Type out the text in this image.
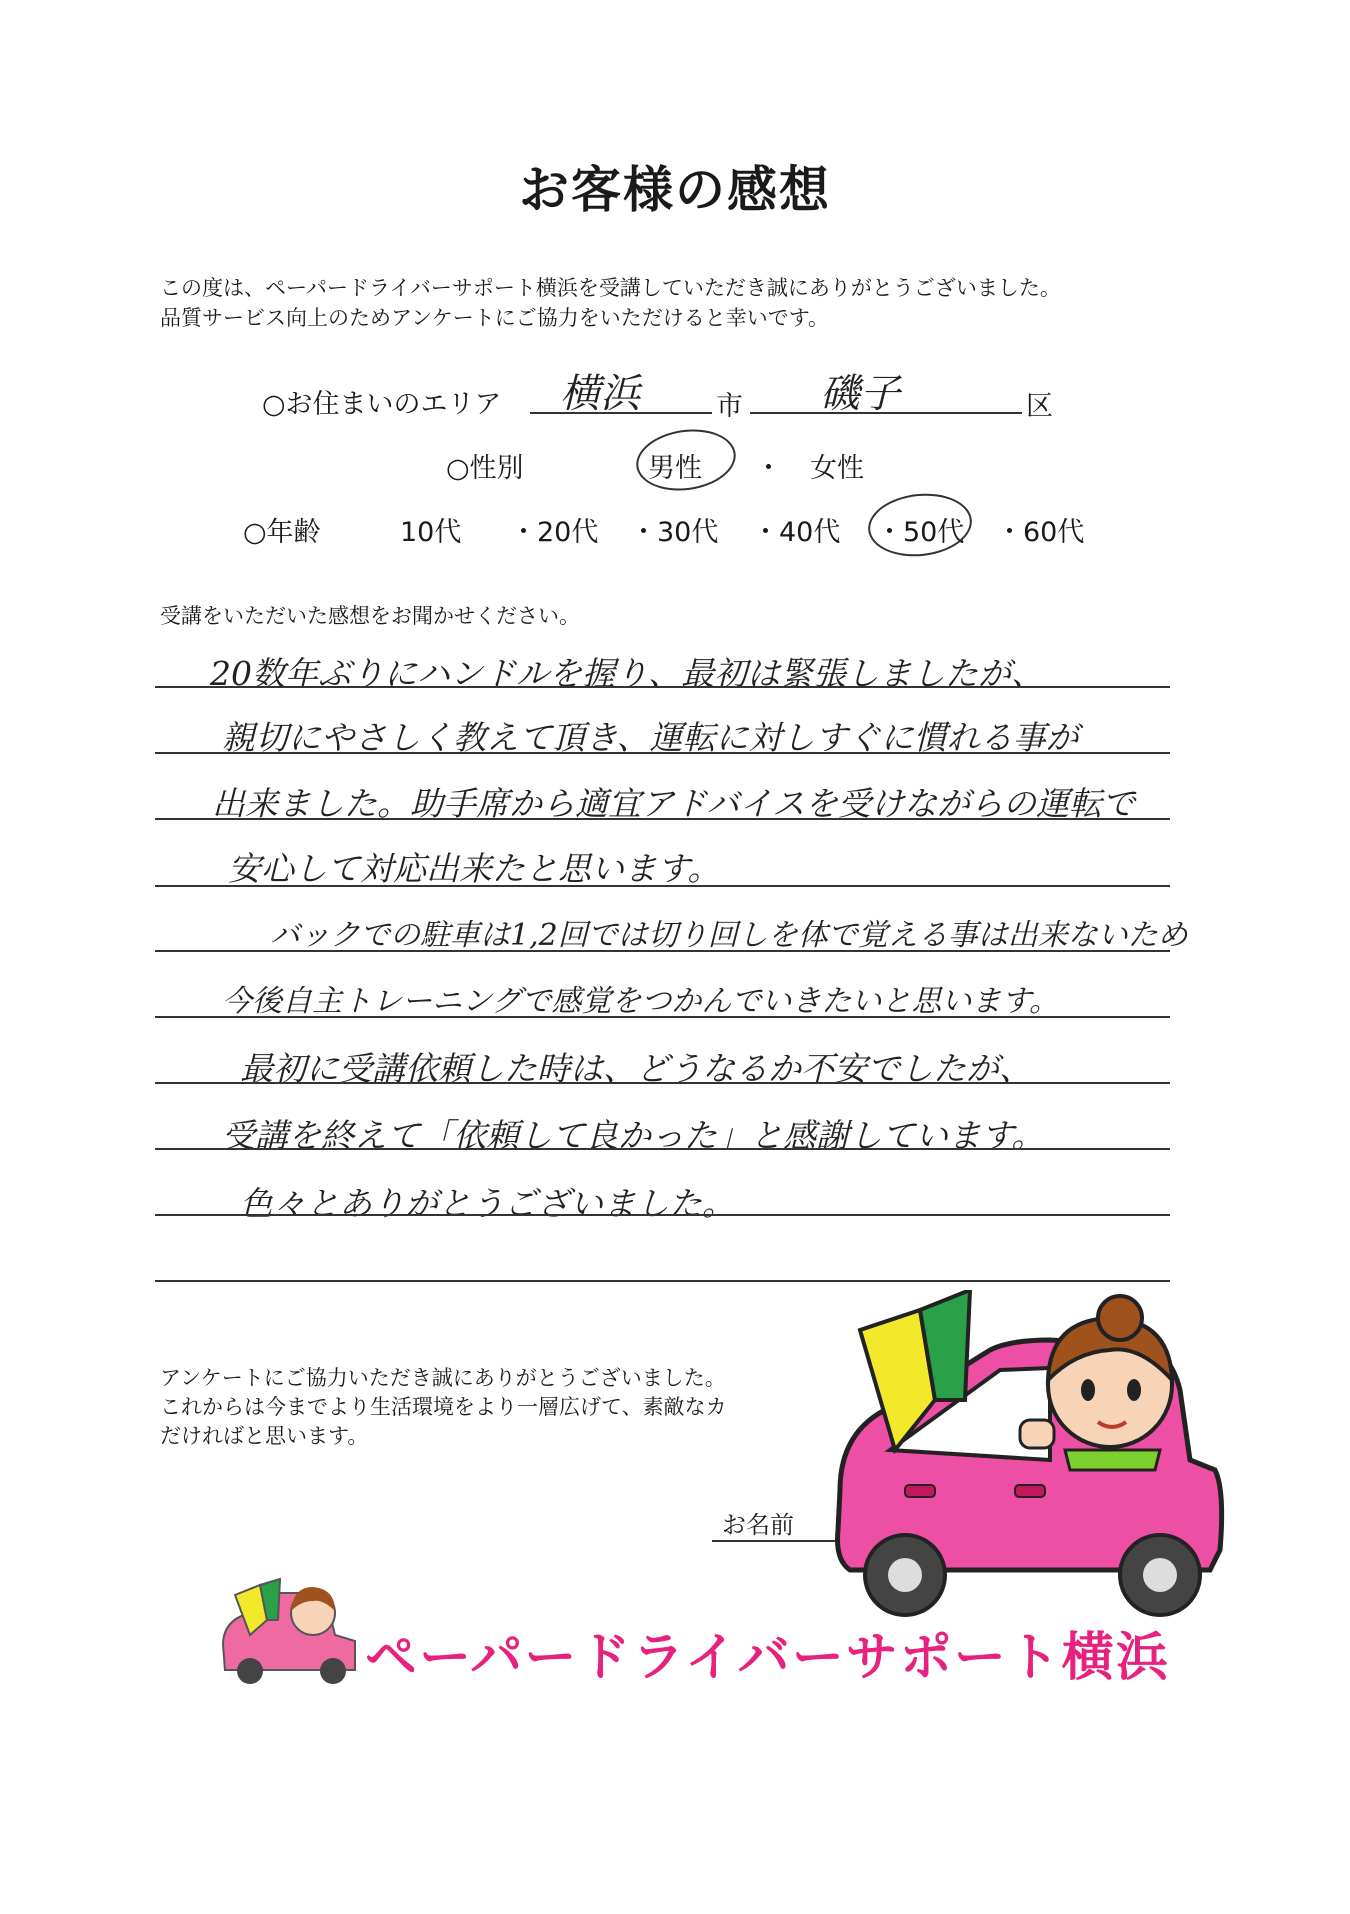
お客様の感想
この度は、ペーパードライバーサポート横浜を受講していただき誠にありがとうございました。
品質サービス向上のためアンケートにご協力をいただけると幸いです。
○お住まいのエリア 横浜	市 磯子	区
○性別	男性 ・ 女性
○年齢	10代 ・20代 ・30代 ・40代 ・50代 ・60代
受講をいただいた感想をお聞かせください。
20数年ぶりにハンドルを握り、最初は緊張しましたが、
親切にやさしく教えて頂き、運転に対しすぐに慣れる事が
出来ました。助手席から適宜アドバイスを受けながらの運転で
安心して対応出来たと思います。
バックでの駐車は1,2回では切り回しを体で覚える事は出来ないため
今後自主トレーニングで感覚をつかんでいきたいと思います。
最初に受講依頼した時は、どうなるか不安でしたが、
受講を終えて「依頼して良かった」と感謝しています。
色々とありがとうございました。
アンケートにご協力いただき誠にありがとうございました。
これからは今までより生活環境をより一層広げて、素敵なカ
だければと思います。
お名前
ペーパードライバーサポート横浜
